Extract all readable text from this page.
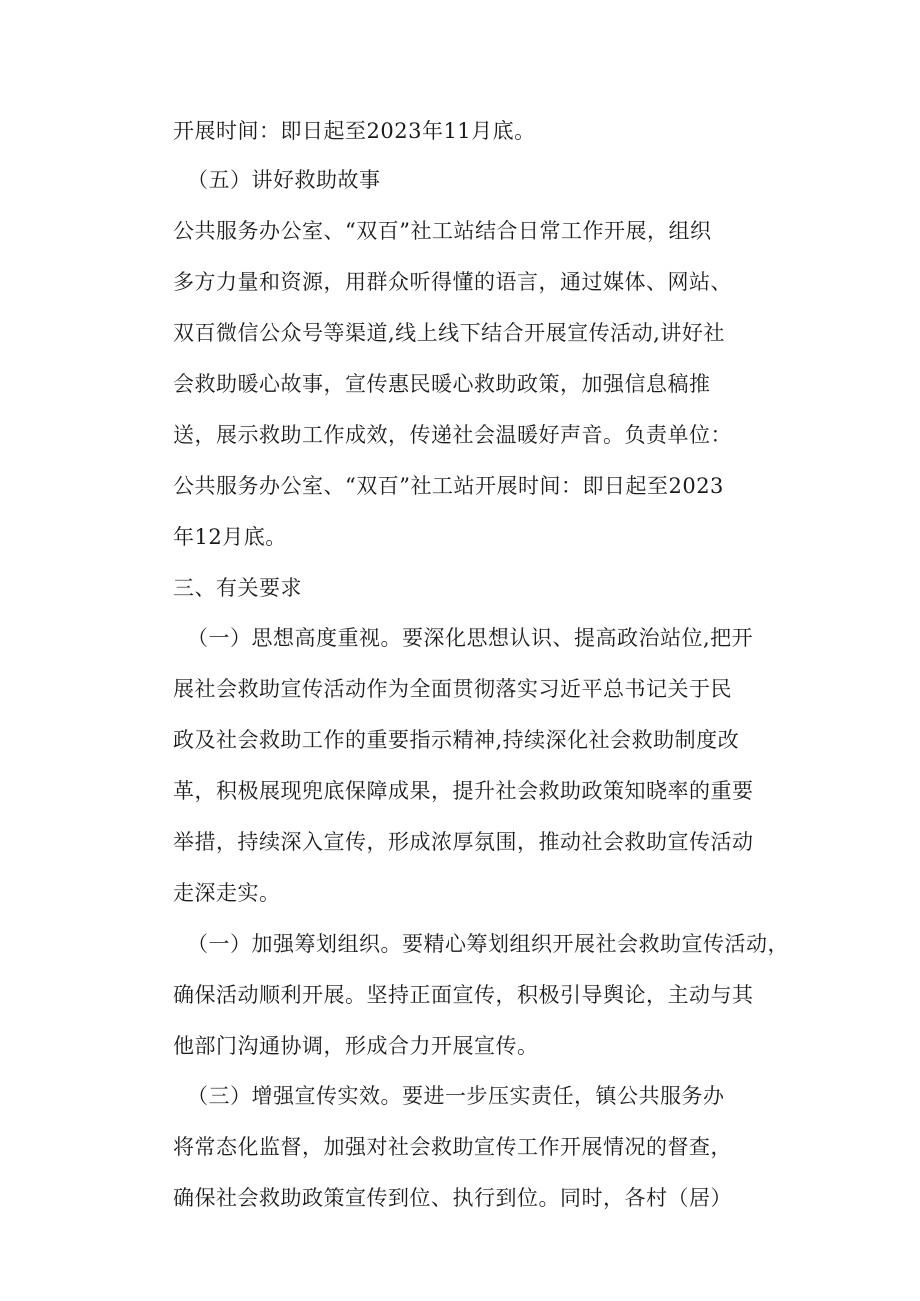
开展时间：即日起至2023年11月底。
（五）讲好救助故事
公共服务办公室、“双百”社工站结合日常工作开展，组织
多方力量和资源，用群众听得懂的语言，通过媒体、网站、
双百微信公众号等渠道,线上线下结合开展宣传活动,讲好社
会救助暖心故事，宣传惠民暖心救助政策，加强信息稿推
送，展示救助工作成效，传递社会温暖好声音。负责单位：
公共服务办公室、“双百”社工站开展时间：即日起至2023
年12月底。
三、有关要求
（一）思想高度重视。要深化思想认识、提高政治站位,把开
展社会救助宣传活动作为全面贯彻落实习近平总书记关于民
政及社会救助工作的重要指示精神,持续深化社会救助制度改
革，积极展现兜底保障成果，提升社会救助政策知晓率的重要
举措，持续深入宣传，形成浓厚氛围，推动社会救助宣传活动
走深走实。
（一）加强筹划组织。要精心筹划组织开展社会救助宣传活动，
确保活动顺利开展。坚持正面宣传，积极引导舆论，主动与其
他部门沟通协调，形成合力开展宣传。
（三）增强宣传实效。要进一步压实责任，镇公共服务办
将常态化监督，加强对社会救助宣传工作开展情况的督查，
确保社会救助政策宣传到位、执行到位。同时，各村（居）
